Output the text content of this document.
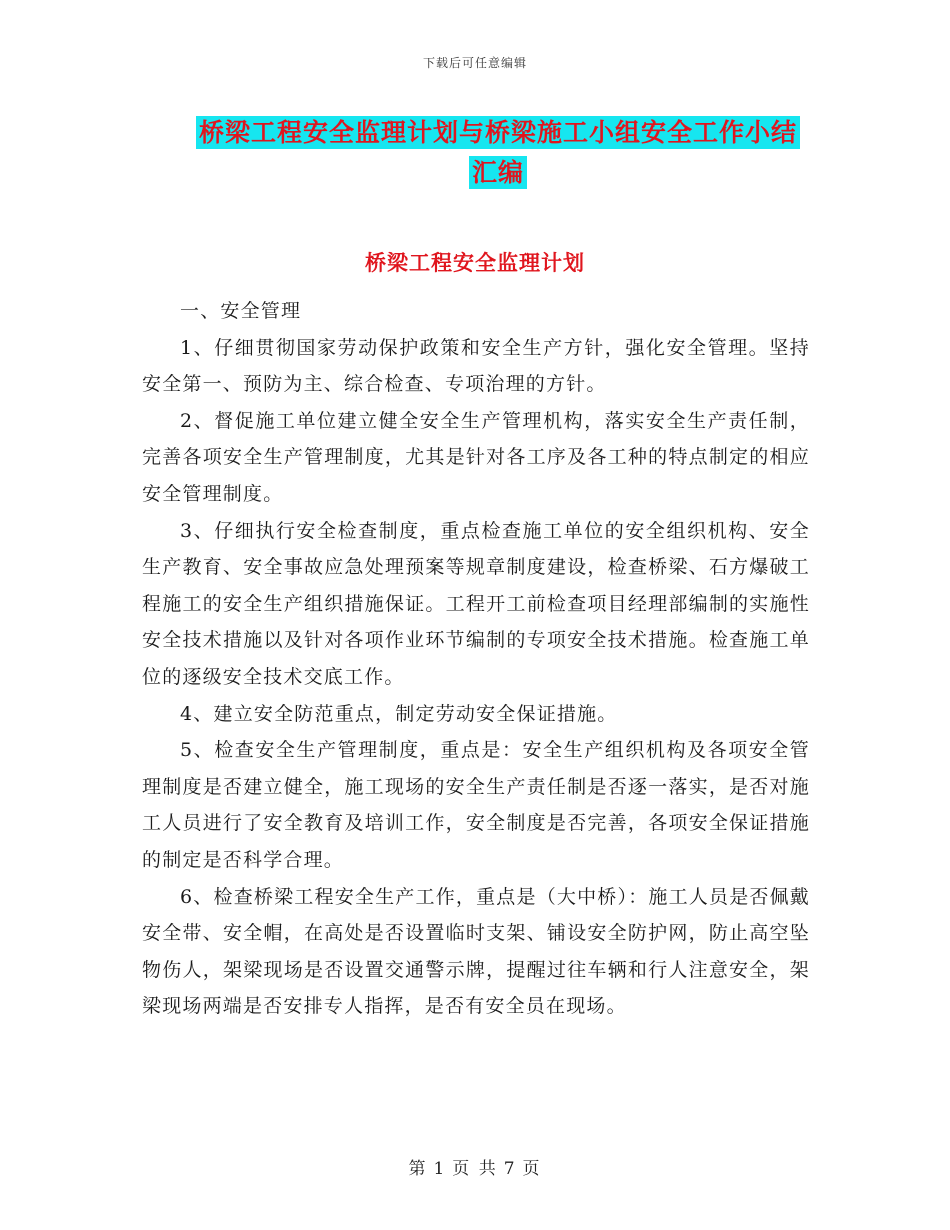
下载后可任意编辑
桥梁工程安全监理计划与桥梁施工小组安全工作小结汇编
桥梁工程安全监理计划

一、安全管理

1、仔细贯彻国家劳动保护政策和安全生产方针，强化安全管理。坚持安全第一、预防为主、综合检查、专项治理的方针。

2、督促施工单位建立健全安全生产管理机构，落实安全生产责任制，完善各项安全生产管理制度，尤其是针对各工序及各工种的特点制定的相应安全管理制度。

3、仔细执行安全检查制度，重点检查施工单位的安全组织机构、安全生产教育、安全事故应急处理预案等规章制度建设，检查桥梁、石方爆破工程施工的安全生产组织措施保证。工程开工前检查项目经理部编制的实施性安全技术措施以及针对各项作业环节编制的专项安全技术措施。检查施工单位的逐级安全技术交底工作。

4、建立安全防范重点，制定劳动安全保证措施。

5、检查安全生产管理制度，重点是：安全生产组织机构及各项安全管理制度是否建立健全，施工现场的安全生产责任制是否逐一落实，是否对施工人员进行了安全教育及培训工作，安全制度是否完善，各项安全保证措施的制定是否科学合理。

6、检查桥梁工程安全生产工作，重点是（大中桥）：施工人员是否佩戴安全带、安全帽，在高处是否设置临时支架、铺设安全防护网，防止高空坠物伤人，架梁现场是否设置交通警示牌，提醒过往车辆和行人注意安全，架梁现场两端是否安排专人指挥，是否有安全员在现场。

第 1 页 共 7 页
